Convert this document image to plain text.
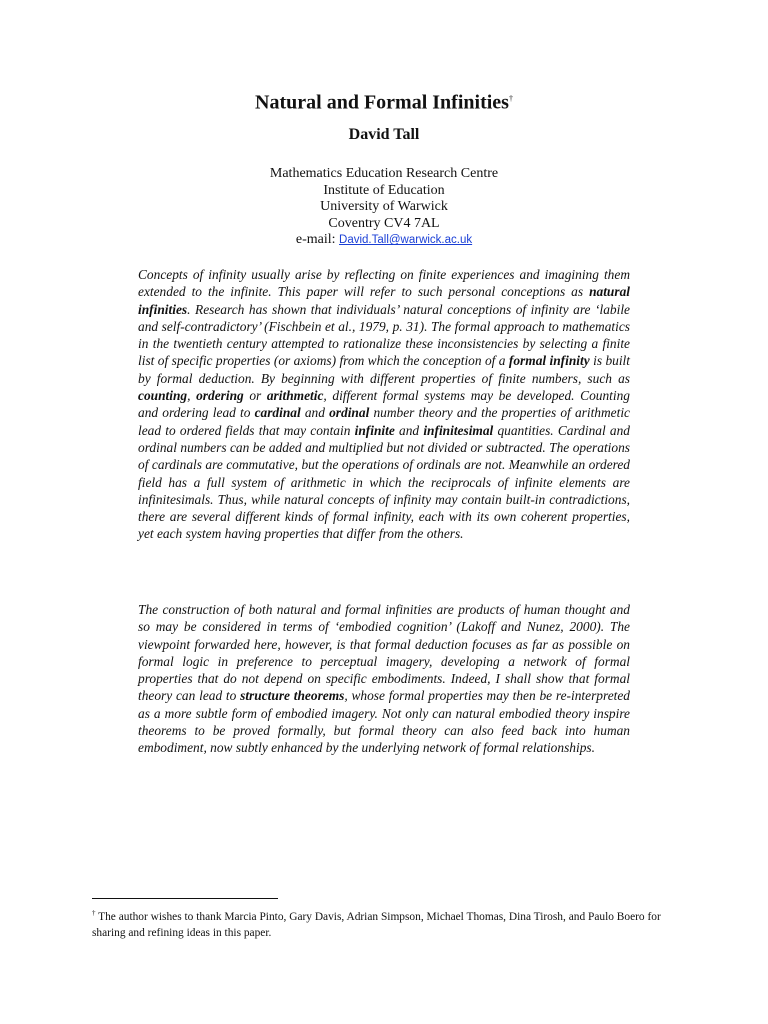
Natural and Formal Infinities†
David Tall
Mathematics Education Research Centre
Institute of Education
University of Warwick
Coventry CV4 7AL
e-mail: David.Tall@warwick.ac.uk

Concepts of infinity usually arise by reflecting on finite experiences and imagining them extended to the infinite. This paper will refer to such personal conceptions as natural infinities. Research has shown that individuals’ natural conceptions of infinity are ‘labile and self-contradictory’ (Fischbein et al., 1979, p. 31). The formal approach to mathematics in the twentieth century attempted to rationalize these inconsistencies by selecting a finite list of specific properties (or axioms) from which the conception of a formal infinity is built by formal deduction. By beginning with different properties of finite numbers, such as counting, ordering or arithmetic, different formal systems may be developed. Counting and ordering lead to cardinal and ordinal number theory and the properties of arithmetic lead to ordered fields that may contain infinite and infinitesimal quantities. Cardinal and ordinal numbers can be added and multiplied but not divided or subtracted. The operations of cardinals are commutative, but the operations of ordinals are not. Meanwhile an ordered field has a full system of arithmetic in which the reciprocals of infinite elements are infinitesimals. Thus, while natural concepts of infinity may contain built-in contradictions, there are several different kinds of formal infinity, each with its own coherent properties, yet each system having properties that differ from the others.

The construction of both natural and formal infinities are products of human thought and so may be considered in terms of ‘embodied cognition’ (Lakoff and Nunez, 2000). The viewpoint forwarded here, however, is that formal deduction focuses as far as possible on formal logic in preference to perceptual imagery, developing a network of formal properties that do not depend on specific embodiments. Indeed, I shall show that formal theory can lead to structure theorems, whose formal properties may then be re-interpreted as a more subtle form of embodied imagery. Not only can natural embodied theory inspire theorems to be proved formally, but formal theory can also feed back into human embodiment, now subtly enhanced by the underlying network of formal relationships.

† The author wishes to thank Marcia Pinto, Gary Davis, Adrian Simpson, Michael Thomas, Dina Tirosh, and Paulo Boero for sharing and refining ideas in this paper.
